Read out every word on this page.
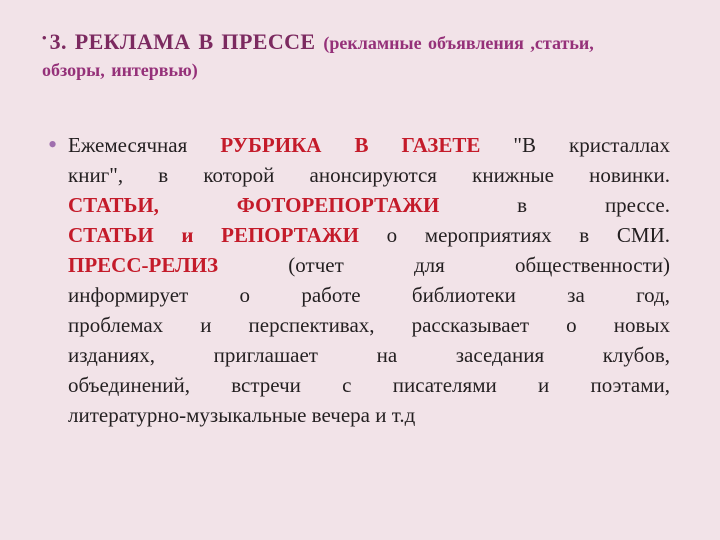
• 3. РЕКЛАМА В ПРЕССЕ (рекламные объявления ,статьи,
обзоры, интервью)
• Ежемесячная РУБРИКА В ГАЗЕТЕ "В кристаллах
книг", в которой анонсируются книжные новинки.
СТАТЬИ, ФОТОРЕПОРТАЖИ в прессе.
СТАТЬИ и РЕПОРТАЖИ о мероприятиях в СМИ.
ПРЕСС-РЕЛИЗ (отчет для общественности)
информирует о работе библиотеки за год,
проблемах и перспективах, рассказывает о новых
изданиях, приглашает на заседания клубов,
объединений, встречи с писателями и поэтами,
литературно-музыкальные вечера и т.д
